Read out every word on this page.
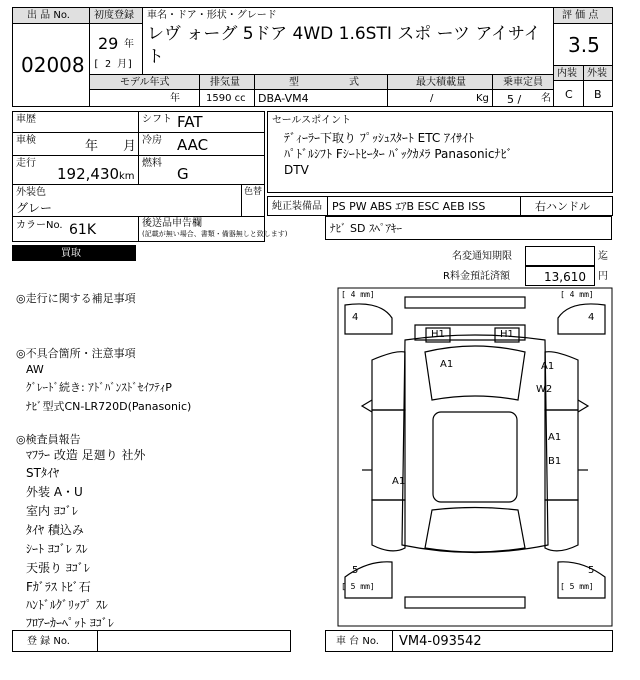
出 品 No.
02008
初度登録
29 年
[ 2 月]
車名・ドア・形状・グレード
レヴ ォーグ 5ドア 4WD 1.6STI スポ ーツ アイサイ
ト
評 価 点
3.5
内装 外装
C B
モデル年式
年
排気量
1590 cc
型	式
DBA-VM4
最大積載量
/	Kg
乗車定員
5 / 名
車歴	シフト FAT
車検	年 月 冷房 AAC
走行
192,430 km
燃料
G
外装色
グレー
色替
カラーNo. 61K	後送品申告欄
(記載が無い場合、書類・備器無しと致します)	ﾅﾋﾞ SD ｽﾍﾟｱｷｰ
買取
セールスポイント
ﾃﾞｨｰﾗｰ下取り ﾌﾟｯｼｭｽﾀｰﾄ ETC ｱｲｻｲﾄ
ﾊﾟﾄﾞﾙｼﾌﾄ Fｼｰﾄﾋｰﾀｰ ﾊﾞｯｸｶﾒﾗ Panasonicﾅﾋﾞ
DTV
純正装備品 PS PW ABS ｴｱB ESC AEB ISS	右ハンドル
名変通知期限	迄
R料金預託済額	13,610 円
◎走行に関する補足事項
◎不具合箇所・注意事項
AW
ｸﾞﾚｰﾄﾞ続き: ｱﾄﾞﾊﾞﾝｽﾄﾞｾｲﾌﾃｨP
ﾅﾋﾞ型式CN-LR720D(Panasonic)
◎検査員報告
ﾏﾌﾗｰ 改造 足廻り 社外
STﾀｲﾔ
外装 A・U
室内 ﾖｺﾞﾚ
ﾀｲﾔ 積込み
ｼｰﾄ ﾖｺﾞﾚ ｽﾚ
天張り ﾖｺﾞﾚ
Fｶﾞﾗｽ ﾄﾋﾞ石
ﾊﾝﾄﾞﾙｸﾞﾘｯﾌﾟ ｽﾚ
ﾌﾛｱｰｶｰﾍﾟｯﾄ ﾖｺﾞﾚ
[ 4 mm]	[ 4 mm]
[ 5 mm]	[ 5 mm]
4	4
5	5
H1	H1
A1	A1
W2
A1
B1
A1
登 録 No.	車 台 No. VM4-093542
